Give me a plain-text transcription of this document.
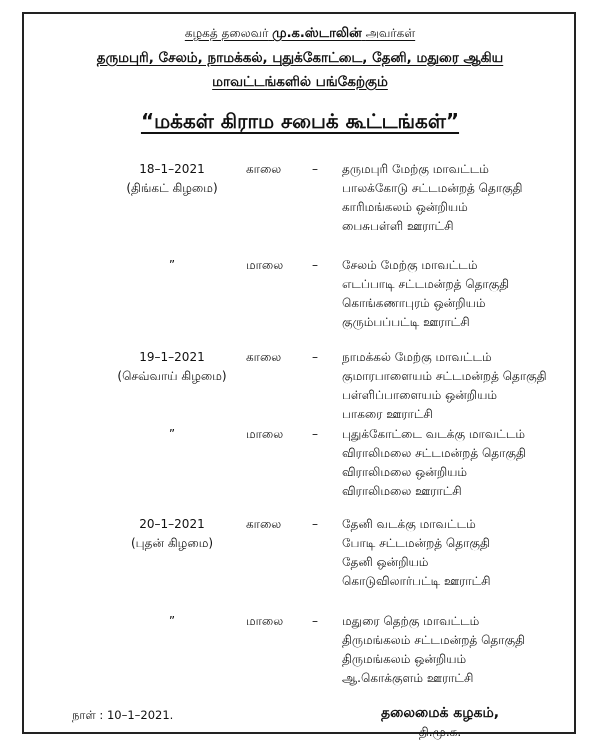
கழகத் தலைவர் மு.க.ஸ்டாலின் அவர்கள்
தருமபுரி, சேலம், நாமக்கல், புதுக்கோட்டை, தேனி, மதுரை ஆகிய
மாவட்டங்களில் பங்கேற்கும்
“மக்கள் கிராம சபைக் கூட்டங்கள்”
18–1–2021
(திங்கட் கிழமை)
காலை	– தருமபுரி மேற்கு மாவட்டம்
பாலக்கோடு சட்டமன்றத் தொகுதி
காரிமங்கலம் ஒன்றியம்
பைசுபள்ளி ஊராட்சி
”	மாலை – சேலம் மேற்கு மாவட்டம்
எடப்பாடி சட்டமன்றத் தொகுதி
கொங்கணாபுரம் ஒன்றியம்
குரும்பப்பட்டி ஊராட்சி
19–1–2021
(செவ்வாய் கிழமை)
காலை	– நாமக்கல் மேற்கு மாவட்டம்
குமாரபாளையம் சட்டமன்றத் தொகுதி
பள்ளிப்பாளையம் ஒன்றியம்
பாகரை ஊராட்சி
”	மாலை – புதுக்கோட்டை வடக்கு மாவட்டம்
விராலிமலை சட்டமன்றத் தொகுதி
விராலிமலை ஒன்றியம்
விராலிமலை ஊராட்சி
20–1–2021
(புதன் கிழமை)
காலை	– தேனி வடக்கு மாவட்டம்
போடி சட்டமன்றத் தொகுதி
தேனி ஒன்றியம்
கொடுவிலார்பட்டி ஊராட்சி
”	மாலை – மதுரை தெற்கு மாவட்டம்
திருமங்கலம் சட்டமன்றத் தொகுதி
திருமங்கலம் ஒன்றியம்
ஆ.கொக்குளம் ஊராட்சி
நாள் : 10–1–2021.	தலைமைக் கழகம்,
தி.மு.க.
